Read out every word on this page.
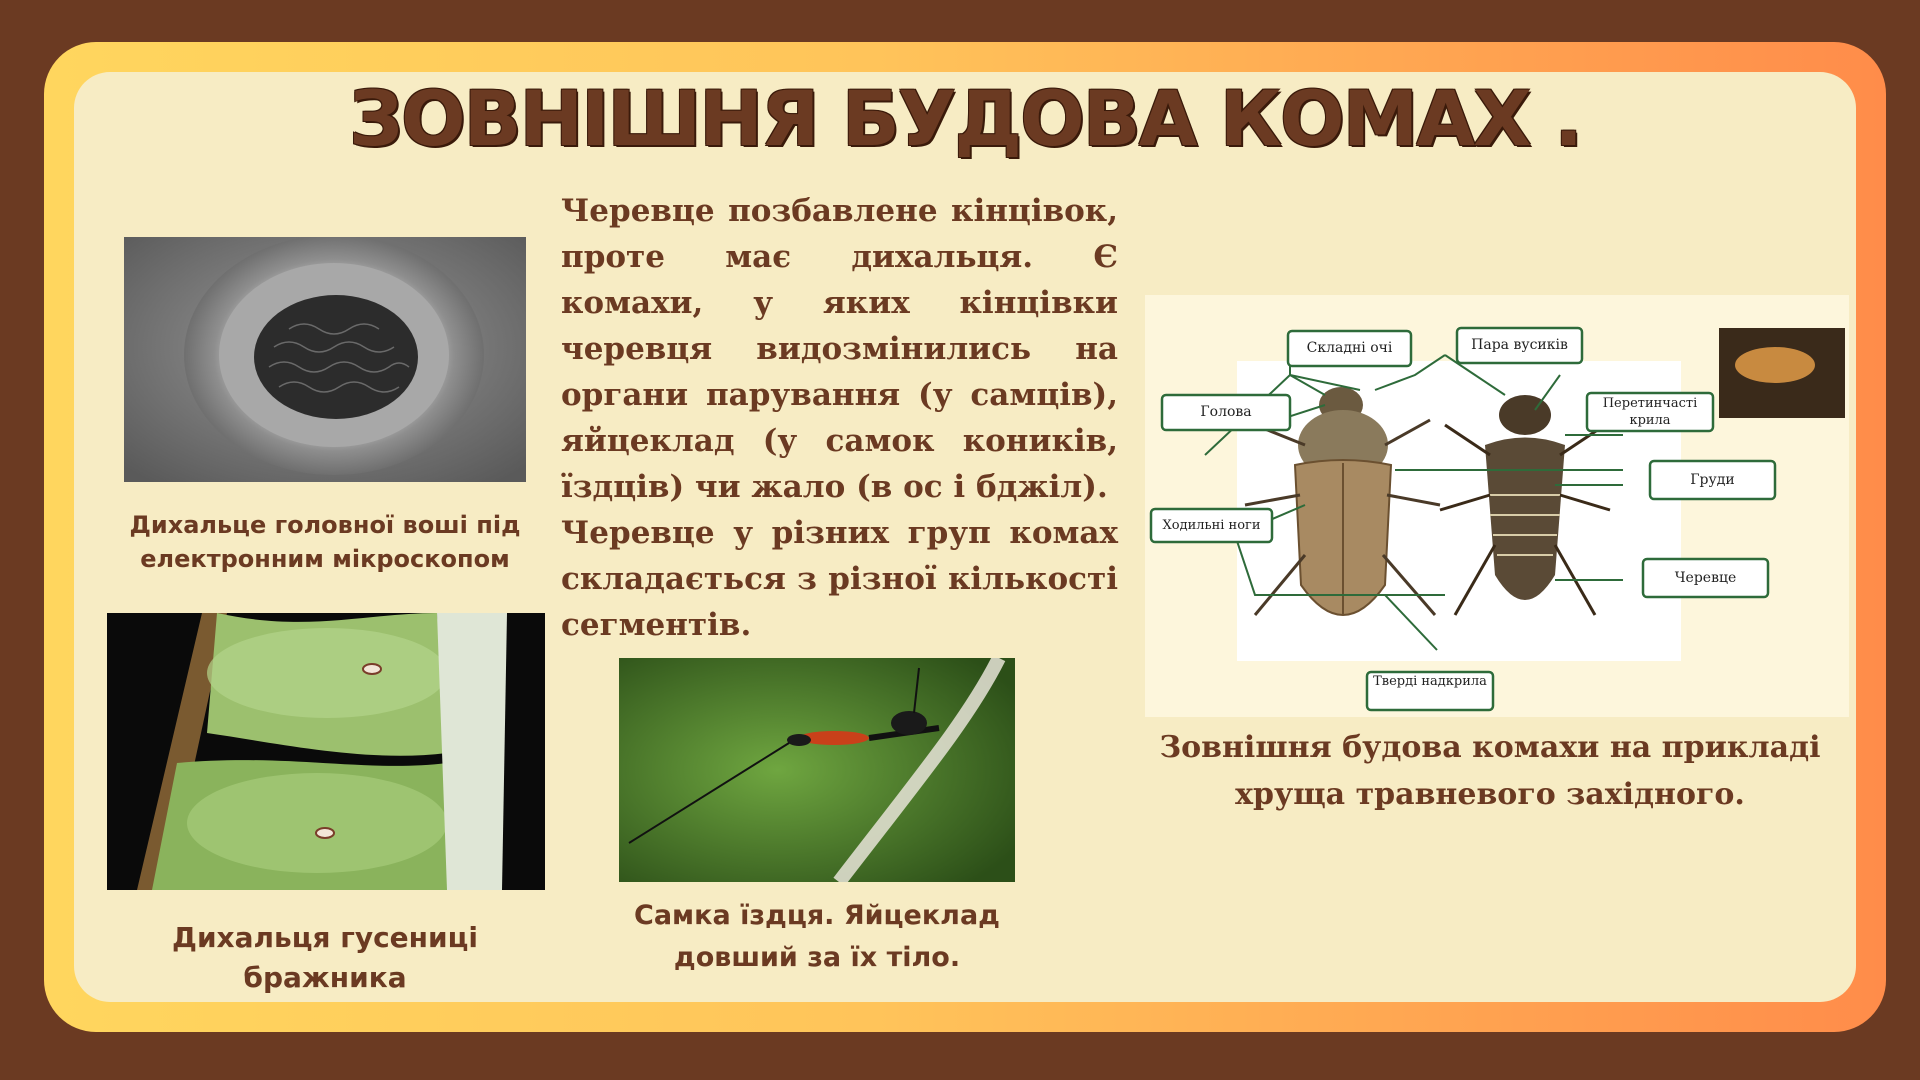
ЗОВНІШНЯ БУДОВА КОМАХ .
Черевце позбавлене кінцівок, проте має дихальця. Є комахи, у яких кінцівки черевця видозмінились на органи парування (у самців), яйцеклад (у самок коників, їздців) чи жало (в ос і бджіл).
Черевце у різних груп комах складається з різної кількості сегментів.
Дихальце головної воші під електронним мікроскопом
Дихальця гусениці бражника
Самка їздця. Яйцеклад довший за їх тіло.
Складні очі	Пара вусиків
Голова
Перетинчасті крила
Груди
Ходильні ноги
Черевце
Тверді надкрила
Зовнішня будова комахи на прикладі хруща травневого західного.
